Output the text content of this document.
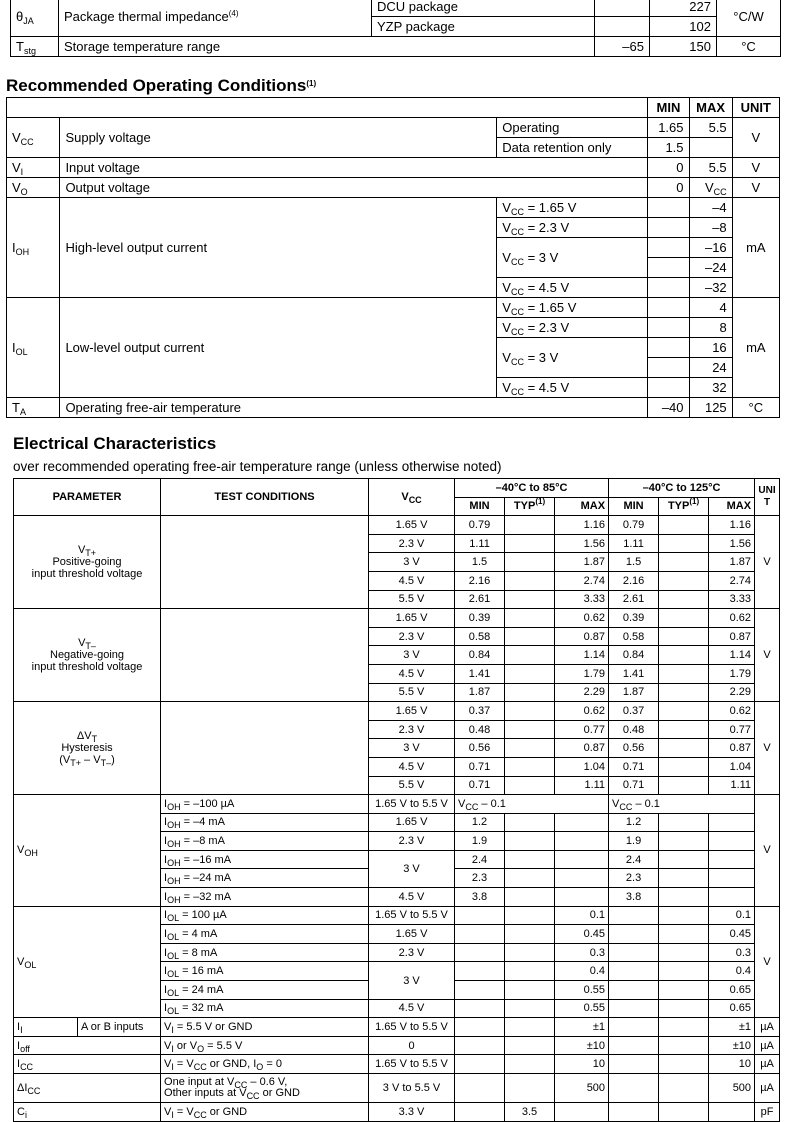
$\theta_{JA}$	Package thermal impedance$^{(4)}$	DCU package		227	°C/W
		YZP package		102	
$T_{stg}$	Storage temperature range		–65	150	°C
Recommended Operating Conditions$^{(1)}$
			MIN	MAX	UNIT
$V_{CC}$	Supply voltage	Operating	1.65	5.5	V
		Data retention only	1.5		
$V_I$	Input voltage		0	5.5	V
$V_O$	Output voltage		0	$V_{CC}$	V
$I_{OH}$	High-level output current	$V_{CC} = 1.65$ V		–4	mA
		$V_{CC} = 2.3$ V		–8	
		$V_{CC} = 3$ V		–16	
				–24	
		$V_{CC} = 4.5$ V		–32	
$I_{OL}$	Low-level output current	$V_{CC} = 1.65$ V		4	mA
		$V_{CC} = 2.3$ V		8	
		$V_{CC} = 3$ V		16	
				24	
		$V_{CC} = 4.5$ V		32	
$T_A$	Operating free-air temperature		–40	125	°C
Electrical Characteristics
over recommended operating free-air temperature range (unless otherwise noted)
PARAMETER		TEST CONDITIONS	$V_{CC}$	–40°C to 85°C			–40°C to 125°C			UNI T
				MIN	TYP$^{(1)}$	MAX	MIN	TYP$^{(1)}$	MAX	
$V_{T+}$
Positive-going
input threshold voltage			1.65 V	0.79		1.16	0.79		1.16	V
			2.3 V	1.11		1.56	1.11		1.56	
			3 V	1.5		1.87	1.5		1.87	
			4.5 V	2.16		2.74	2.16		2.74	
			5.5 V	2.61		3.33	2.61		3.33	
$V_{T-}$
Negative-going
input threshold voltage			1.65 V	0.39		0.62	0.39		0.62	V
			2.3 V	0.58		0.87	0.58		0.87	
			3 V	0.84		1.14	0.84		1.14	
			4.5 V	1.41		1.79	1.41		1.79	
			5.5 V	1.87		2.29	1.87		2.29	
$\Delta V_T$
Hysteresis
$(V_{T+} - V_{T-})$			1.65 V	0.37		0.62	0.37		0.62	V
			2.3 V	0.48		0.77	0.48		0.77	
			3 V	0.56		0.87	0.56		0.87	
			4.5 V	0.71		1.04	0.71		1.04	
			5.5 V	0.71		1.11	0.71		1.11	
$V_{OH}$		$I_{OH} = -100$ µA	1.65 V to 5.5 V	$V_{CC} - 0.1$			$V_{CC} - 0.1$			V
		$I_{OH} = -4$ mA	1.65 V	1.2			1.2			
		$I_{OH} = -8$ mA	2.3 V	1.9			1.9			
		$I_{OH} = -16$ mA	3 V	2.4			2.4			
		$I_{OH} = -24$ mA		2.3			2.3			
		$I_{OH} = -32$ mA	4.5 V	3.8			3.8			
$V_{OL}$		$I_{OL} = 100$ µA	1.65 V to 5.5 V			0.1			0.1	V
		$I_{OL} = 4$ mA	1.65 V			0.45			0.45	
		$I_{OL} = 8$ mA	2.3 V			0.3			0.3	
		$I_{OL} = 16$ mA	3 V			0.4			0.4	
		$I_{OL} = 24$ mA				0.55			0.65	
		$I_{OL} = 32$ mA	4.5 V			0.55			0.65	
$I_I$	A or B inputs	$V_I = 5.5$ V or GND	1.65 V to 5.5 V			±1			±1	µA
$I_{off}$		$V_I$ or $V_O = 5.5$ V	0			±10			±10	µA
$I_{CC}$		$V_I = V_{CC}$ or GND, $I_O = 0$	1.65 V to 5.5 V			10			10	µA
$\Delta I_{CC}$		One input at $V_{CC} - 0.6$ V,
Other inputs at $V_{CC}$ or GND	3 V to 5.5 V			500			500	µA
$C_i$		$V_I = V_{CC}$ or GND	3.3 V		3.5					pF
